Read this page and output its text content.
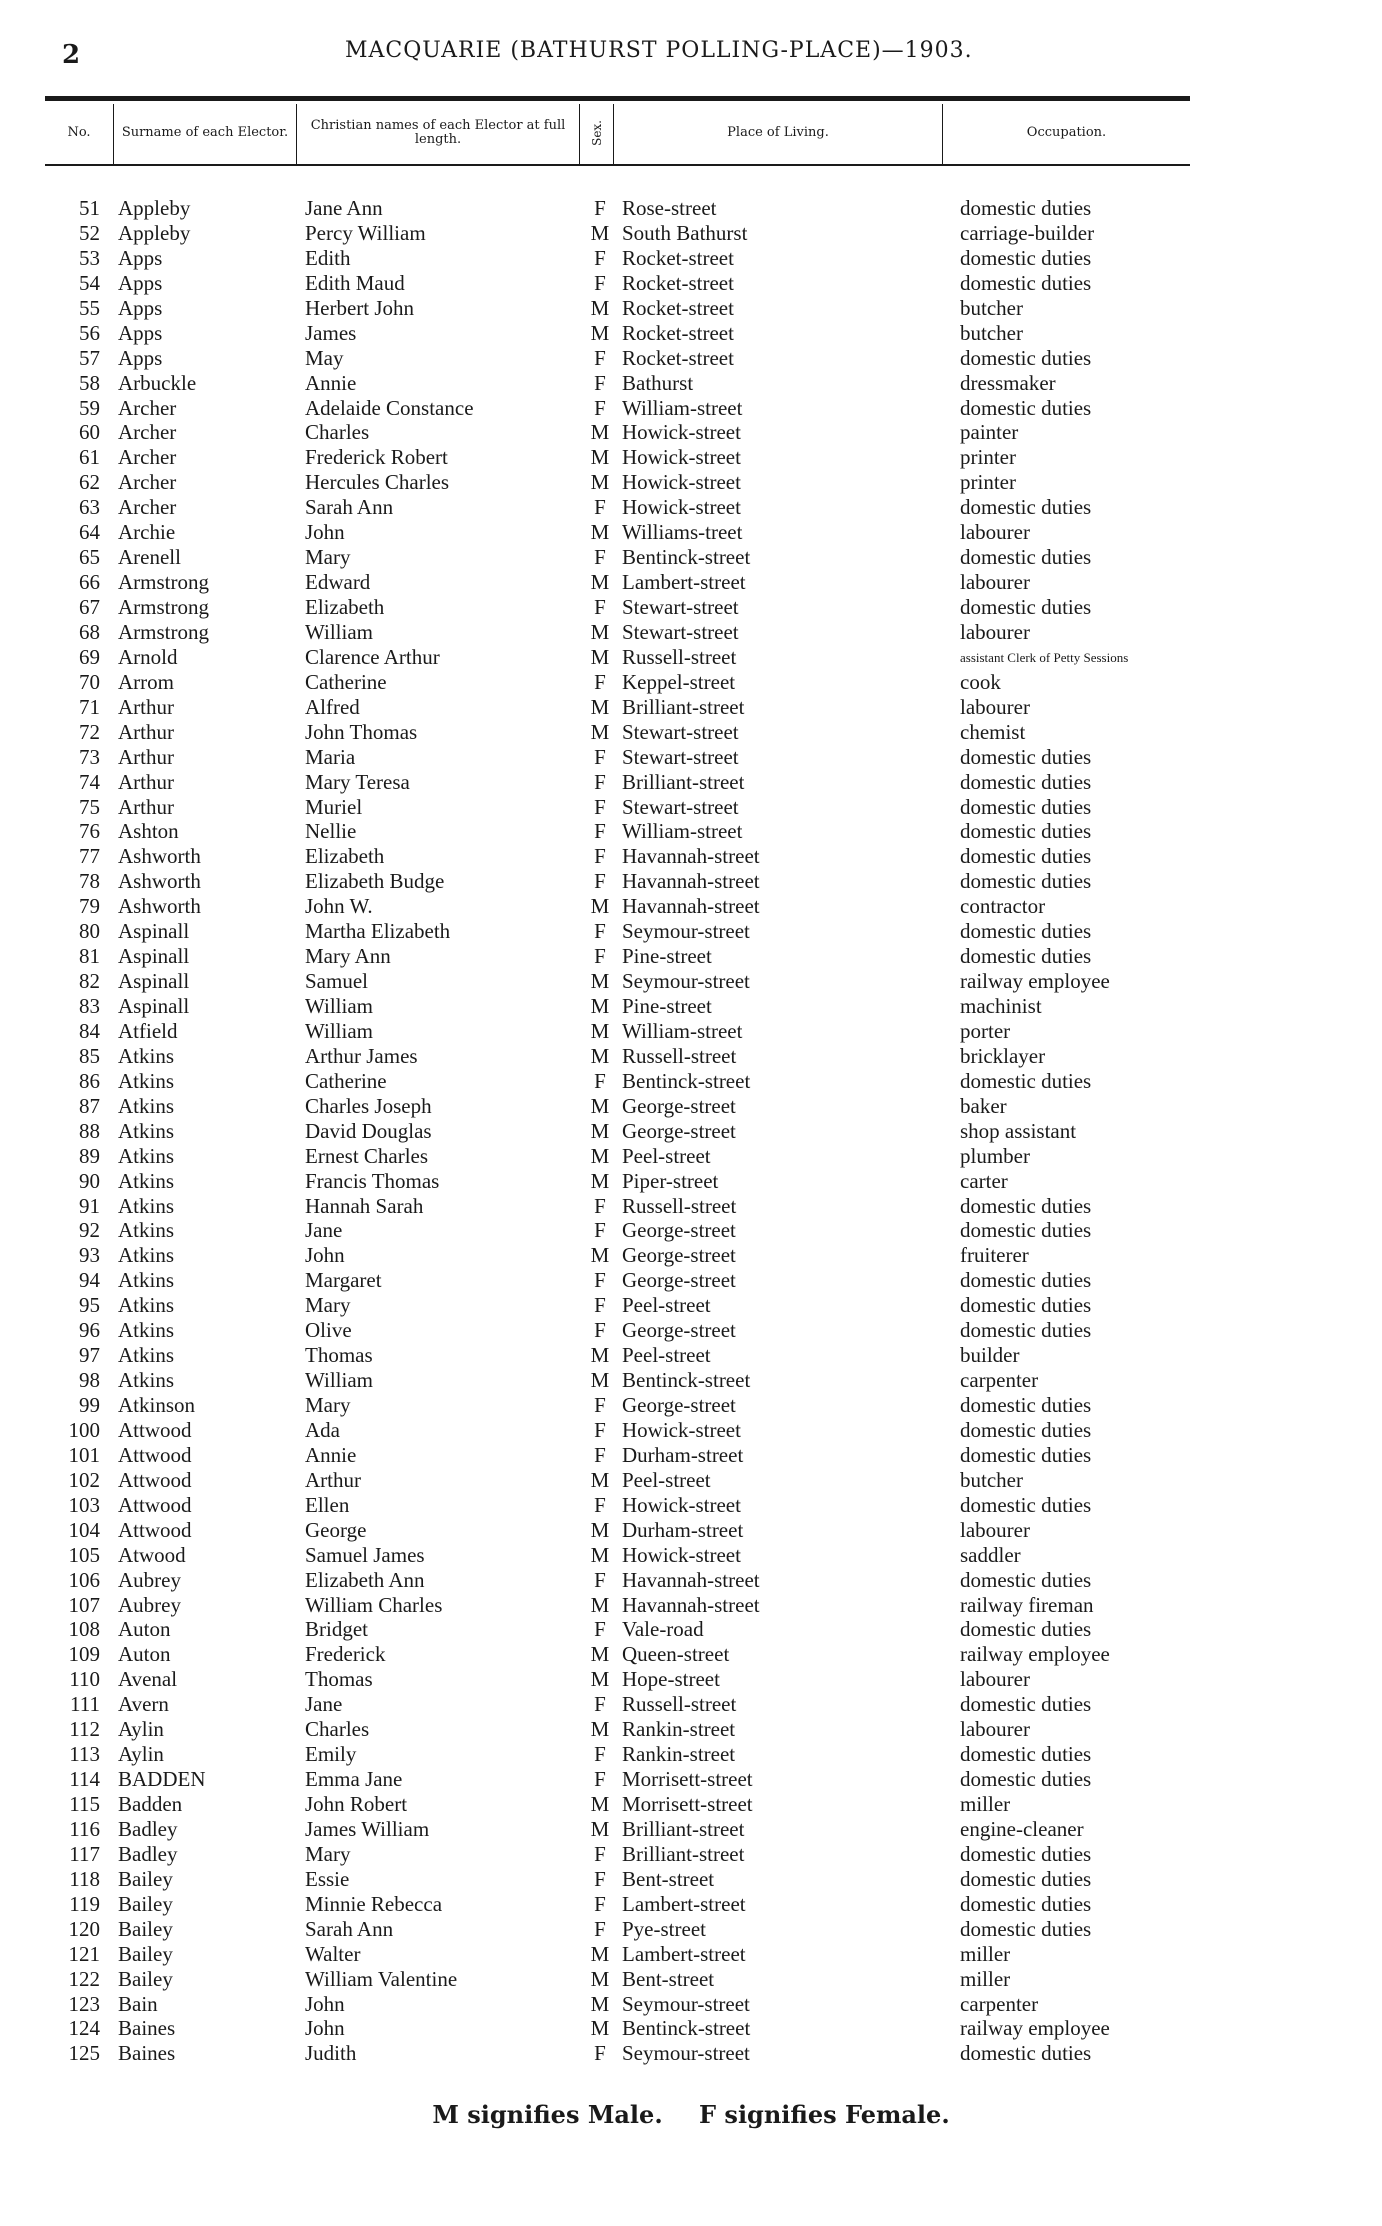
2	MACQUARIE (BATHURST POLLING-PLACE)—1903.
No. Surname of each Elector.	Christian names of each Elector at full length.	Sex.	Place of Living.	Occupation.
51 Appleby	Jane Ann	F Rose-street	domestic duties
52 Appleby	Percy William	M South Bathurst	carriage-builder
53 Apps	Edith	F Rocket-street	domestic duties
54 Apps	Edith Maud	F Rocket-street	domestic duties
55 Apps	Herbert John	M Rocket-street	butcher
56 Apps	James	M Rocket-street	butcher
57 Apps	May	F Rocket-street	domestic duties
58 Arbuckle	Annie	F Bathurst	dressmaker
59 Archer	Adelaide Constance	F William-street	domestic duties
60 Archer	Charles	M Howick-street	painter
61 Archer	Frederick Robert	M Howick-street	printer
62 Archer	Hercules Charles	M Howick-street	printer
63 Archer	Sarah Ann	F Howick-street	domestic duties
64 Archie	John	M Williams-treet	labourer
65 Arenell	Mary	F Bentinck-street	domestic duties
66 Armstrong	Edward	M Lambert-street	labourer
67 Armstrong	Elizabeth	F Stewart-street	domestic duties
68 Armstrong	William	M Stewart-street	labourer
69 Arnold	Clarence Arthur	M Russell-street	assistant Clerk of Petty Sessions
70 Arrom	Catherine	F Keppel-street	cook
71 Arthur	Alfred	M Brilliant-street	labourer
72 Arthur	John Thomas	M Stewart-street	chemist
73 Arthur	Maria	F Stewart-street	domestic duties
74 Arthur	Mary Teresa	F Brilliant-street	domestic duties
75 Arthur	Muriel	F Stewart-street	domestic duties
76 Ashton	Nellie	F William-street	domestic duties
77 Ashworth	Elizabeth	F Havannah-street	domestic duties
78 Ashworth	Elizabeth Budge	F Havannah-street	domestic duties
79 Ashworth	John W.	M Havannah-street	contractor
80 Aspinall	Martha Elizabeth	F Seymour-street	domestic duties
81 Aspinall	Mary Ann	F Pine-street	domestic duties
82 Aspinall	Samuel	M Seymour-street	railway employee
83 Aspinall	William	M Pine-street	machinist
84 Atfield	William	M William-street	porter
85 Atkins	Arthur James	M Russell-street	bricklayer
86 Atkins	Catherine	F Bentinck-street	domestic duties
87 Atkins	Charles Joseph	M George-street	baker
88 Atkins	David Douglas	M George-street	shop assistant
89 Atkins	Ernest Charles	M Peel-street	plumber
90 Atkins	Francis Thomas	M Piper-street	carter
91 Atkins	Hannah Sarah	F Russell-street	domestic duties
92 Atkins	Jane	F George-street	domestic duties
93 Atkins	John	M George-street	fruiterer
94 Atkins	Margaret	F George-street	domestic duties
95 Atkins	Mary	F Peel-street	domestic duties
96 Atkins	Olive	F George-street	domestic duties
97 Atkins	Thomas	M Peel-street	builder
98 Atkins	William	M Bentinck-street	carpenter
99 Atkinson	Mary	F George-street	domestic duties
100 Attwood	Ada	F Howick-street	domestic duties
101 Attwood	Annie	F Durham-street	domestic duties
102 Attwood	Arthur	M Peel-street	butcher
103 Attwood	Ellen	F Howick-street	domestic duties
104 Attwood	George	M Durham-street	labourer
105 Atwood	Samuel James	M Howick-street	saddler
106 Aubrey	Elizabeth Ann	F Havannah-street	domestic duties
107 Aubrey	William Charles	M Havannah-street	railway fireman
108 Auton	Bridget	F Vale-road	domestic duties
109 Auton	Frederick	M Queen-street	railway employee
110 Avenal	Thomas	M Hope-street	labourer
111 Avern	Jane	F Russell-street	domestic duties
112 Aylin	Charles	M Rankin-street	labourer
113 Aylin	Emily	F Rankin-street	domestic duties
114 BADDEN	Emma Jane	F Morrisett-street	domestic duties
115 Badden	John Robert	M Morrisett-street	miller
116 Badley	James William	M Brilliant-street	engine-cleaner
117 Badley	Mary	F Brilliant-street	domestic duties
118 Bailey	Essie	F Bent-street	domestic duties
119 Bailey	Minnie Rebecca	F Lambert-street	domestic duties
120 Bailey	Sarah Ann	F Pye-street	domestic duties
121 Bailey	Walter	M Lambert-street	miller
122 Bailey	William Valentine	M Bent-street	miller
123 Bain	John	M Seymour-street	carpenter
124 Baines	John	M Bentinck-street	railway employee
125 Baines	Judith	F Seymour-street	domestic duties
M signifies Male. F signifies Female.
